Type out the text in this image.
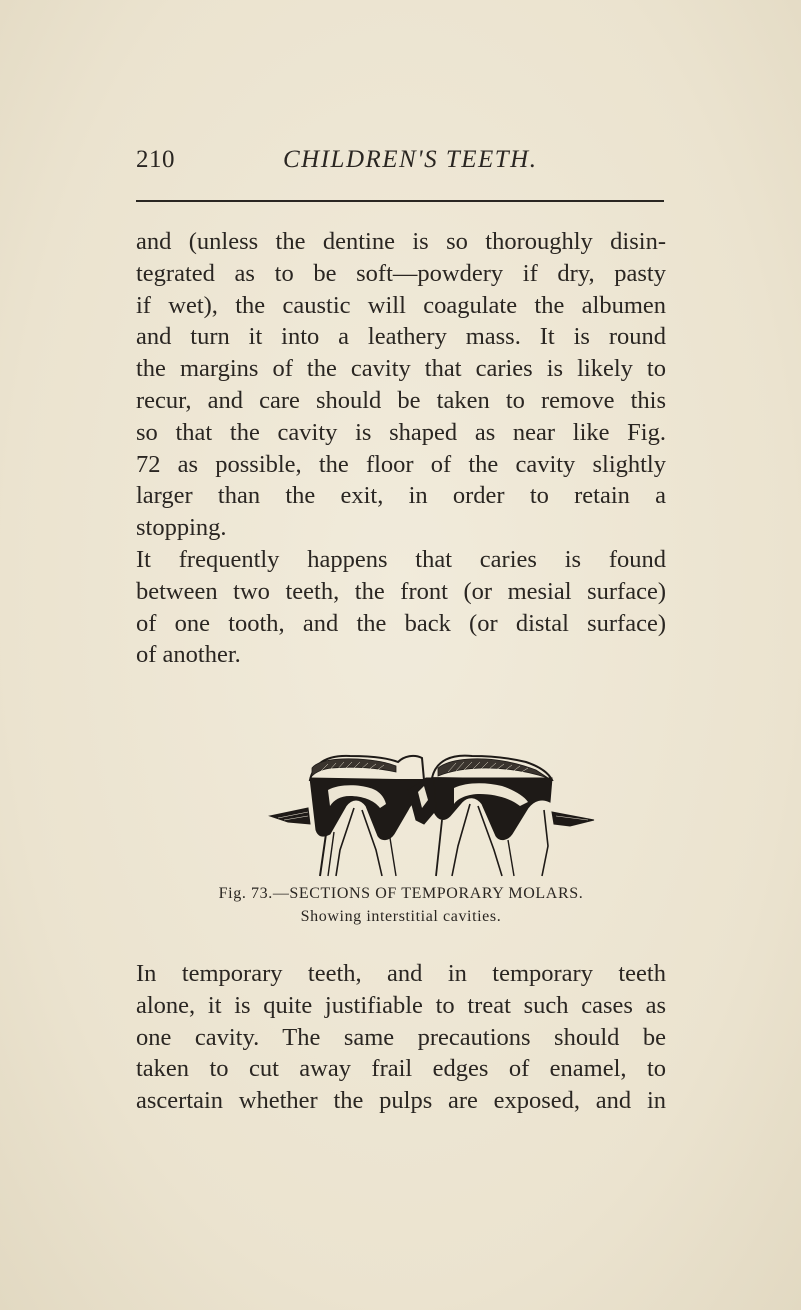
210	CHILDREN'S TEETH.
and (unless the dentine is so thoroughly disin-
tegrated as to be soft—powdery if dry, pasty
if wet), the caustic will coagulate the albumen
and turn it into a leathery mass. It is round
the margins of the cavity that caries is likely to
recur, and care should be taken to remove this
so that the cavity is shaped as near like Fig.
72 as possible, the floor of the cavity slightly
larger than the exit, in order to retain a
stopping.
It frequently happens that caries is found
between two teeth, the front (or mesial surface)
of one tooth, and the back (or distal surface)
of another.

Fig. 73.—SECTIONS OF TEMPORARY MOLARS.

Showing interstitial cavities.

In temporary teeth, and in temporary teeth
alone, it is quite justifiable to treat such cases as
one cavity. The same precautions should be
taken to cut away frail edges of enamel, to
ascertain whether the pulps are exposed, and in
